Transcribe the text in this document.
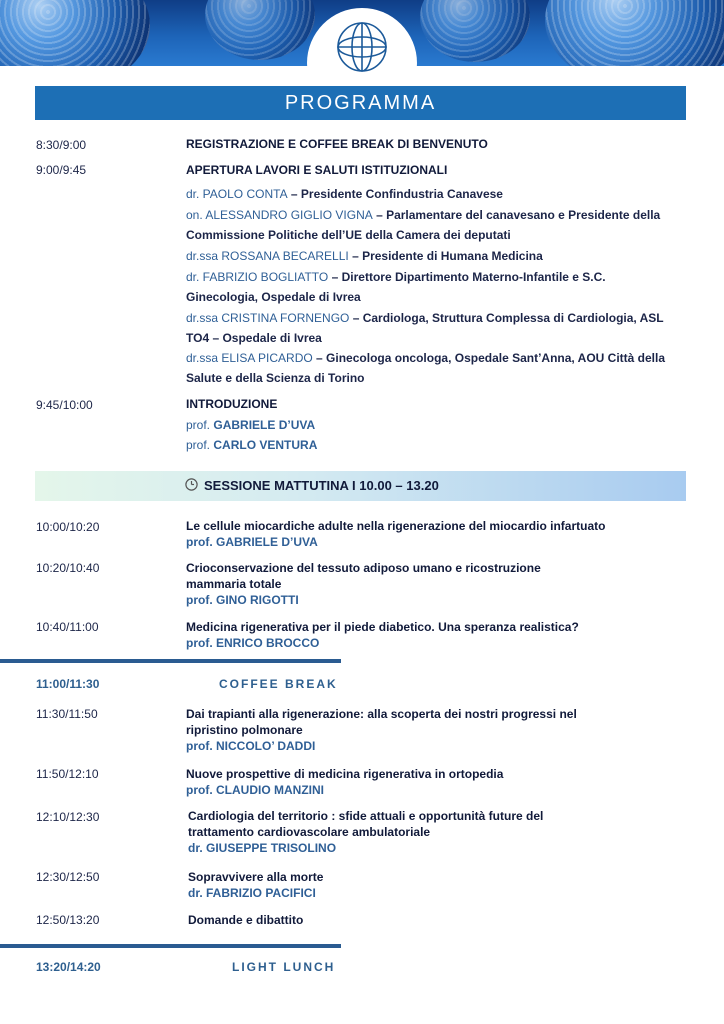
PROGRAMMA
8:30/9:00	REGISTRAZIONE E COFFEE BREAK DI BENVENUTO
9:00/9:45	APERTURA LAVORI E SALUTI ISTITUZIONALI
dr. PAOLO CONTA – Presidente Confindustria Canavese
on. ALESSANDRO GIGLIO VIGNA – Parlamentare del canavesano e Presidente della Commissione Politiche dell’UE della Camera dei deputati
dr.ssa ROSSANA BECARELLI – Presidente di Humana Medicina
dr. FABRIZIO BOGLIATTO – Direttore Dipartimento Materno-Infantile e S.C. Ginecologia, Ospedale di Ivrea
dr.ssa CRISTINA FORNENGO – Cardiologa, Struttura Complessa di Cardiologia, ASL TO4 – Ospedale di Ivrea
dr.ssa ELISA PICARDO – Ginecologa oncologa, Ospedale Sant’Anna, AOU Città della Salute e della Scienza di Torino
9:45/10:00	INTRODUZIONE
prof. GABRIELE D’UVA
prof. CARLO VENTURA
SESSIONE MATTUTINA I 10.00 – 13.20
10:00/10:20	Le cellule miocardiche adulte nella rigenerazione del miocardio infartuato
prof. GABRIELE D’UVA
10:20/10:40	Crioconservazione del tessuto adiposo umano e ricostruzione mammaria totale
prof. GINO RIGOTTI
10:40/11:00	Medicina rigenerativa per il piede diabetico. Una speranza realistica?
prof. ENRICO BROCCO
11:00/11:30	COFFEE BREAK
11:30/11:50	Dai trapianti alla rigenerazione: alla scoperta dei nostri progressi nel ripristino polmonare
prof. NICCOLO’ DADDI
11:50/12:10	Nuove prospettive di medicina rigenerativa in ortopedia
prof. CLAUDIO MANZINI
12:10/12:30	Cardiologia del territorio : sfide attuali e opportunità future del trattamento cardiovascolare ambulatoriale
dr. GIUSEPPE TRISOLINO
12:30/12:50	Sopravvivere alla morte
dr. FABRIZIO PACIFICI
12:50/13:20	Domande e dibattito
13:20/14:20	LIGHT LUNCH
